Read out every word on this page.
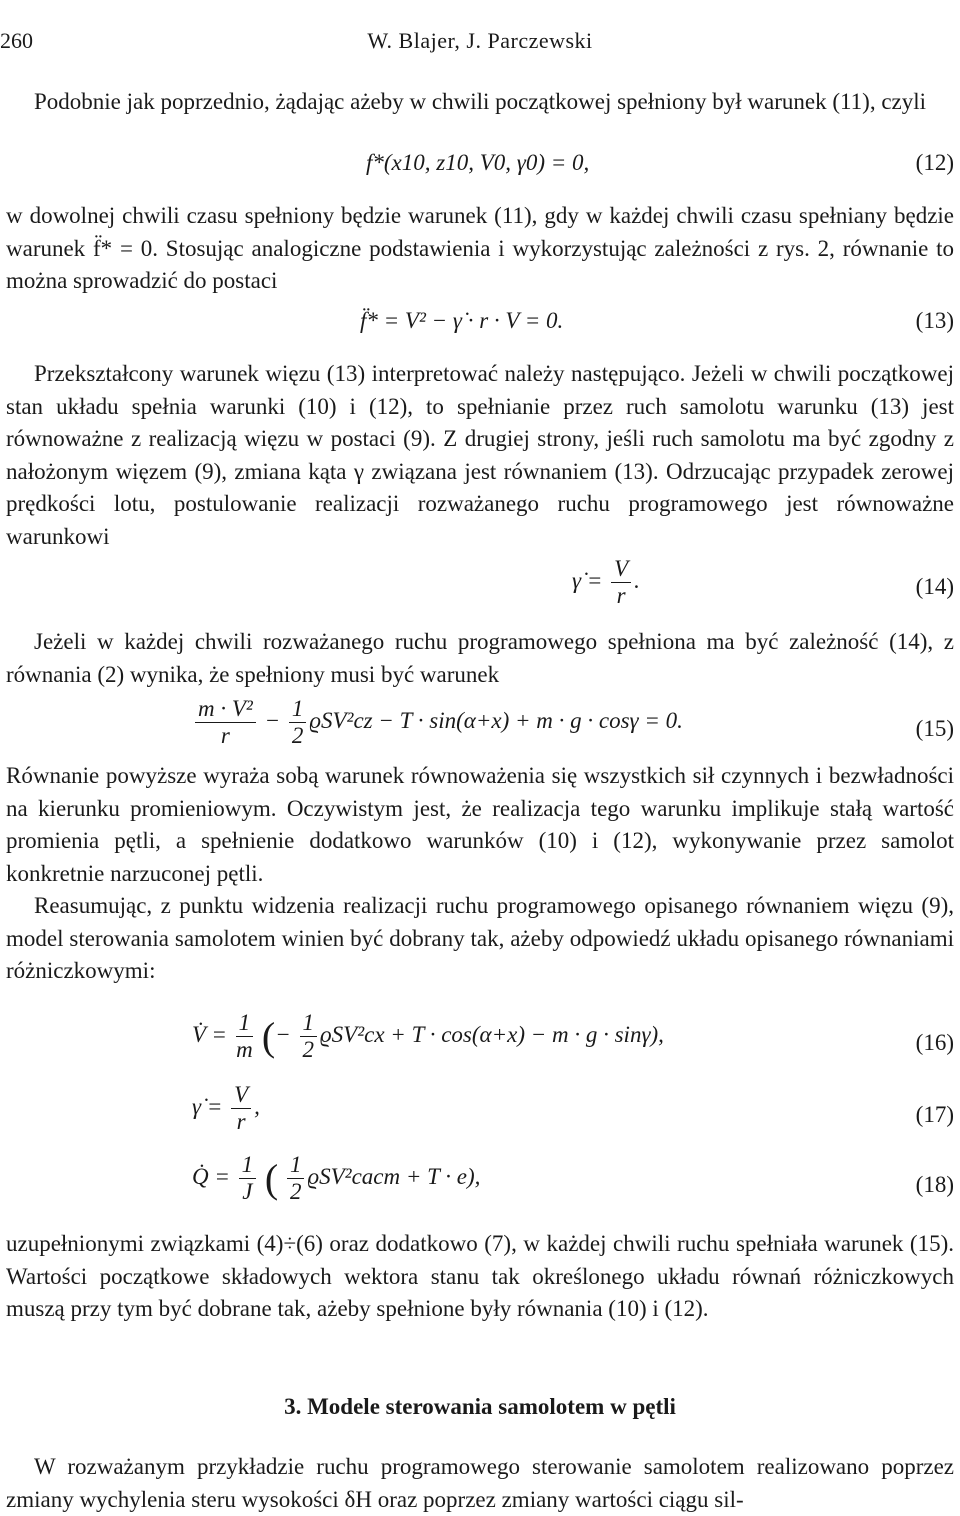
260	W. Blajer, J. Parczewski

Podobnie jak poprzednio, żądając ażeby w chwili początkowej spełniony był warunek (11), czyli

f*(x10, z10, V0, γ0) = 0,	(12)

w dowolnej chwili czasu spełniony będzie warunek (11), gdy w każdej chwili czasu spełniany będzie warunek f̈* = 0. Stosując analogiczne podstawienia i wykorzystując zależności z rys. 2, równanie to można sprowadzić do postaci

f̈* = V² − γ̇ · r · V = 0.	(13)

Przekształcony warunek więzu (13) interpretować należy następująco. Jeżeli w chwili początkowej stan układu spełnia warunki (10) i (12), to spełnianie przez ruch samolotu warunku (13) jest równoważne z realizacją więzu w postaci (9). Z drugiej strony, jeśli ruch samolotu ma być zgodny z nałożonym więzem (9), zmiana kąta γ związana jest równaniem (13). Odrzucając przypadek zerowej prędkości lotu, postulowanie realizacji rozważanego ruchu programowego jest równoważne warunkowi

γ̇ = $\frac{V}{r}$ .	(14)

Jeżeli w każdej chwili rozważanego ruchu programowego spełniona ma być zależność (14), z równania (2) wynika, że spełniony musi być warunek

$\frac{\text{m · V²}}{r} - \frac{1}{2} ϱSV^2cz - T \cdot \sin(\alpha+x) + m \cdot g \cdot \cos\gamma = 0$.	(15)

Równanie powyższe wyraża sobą warunek równoważenia się wszystkich sił czynnych i bezwładności na kierunku promieniowym. Oczywistym jest, że realizacja tego warunku implikuje stałą wartość promienia pętli, a spełnienie dodatkowo warunków (10) i (12), wykonywanie przez samolot konkretnie narzuconej pętli.

Reasumując, z punktu widzenia realizacji ruchu programowego opisanego równaniem więzu (9), model sterowania samolotem winien być dobrany tak, ażeby odpowiedź układu opisanego równaniami różniczkowymi:

V̇ = $\frac{1}{m}$ (− $\frac{1}{2} ϱSV^2cx + T \cdot \cos(\alpha+x) - m \cdot g \cdot \sin\gamma$),	(16)
γ̇ = $\frac{V}{r}$ ,	(17)
Q̇ = $\frac{1}{J}$ ( $\frac{1}{2}$ ϱSV²cacm + T · e),	(18)

uzupełnionymi związkami (4)÷(6) oraz dodatkowo (7), w każdej chwili ruchu spełniała warunek (15). Wartości początkowe składowych wektora stanu tak określonego układu równań różniczkowych muszą przy tym być dobrane tak, ażeby spełnione były równania (10) i (12).

3. Modele sterowania samolotem w pętli

W rozważanym przykładzie ruchu programowego sterowanie samolotem realizowano poprzez zmiany wychylenia steru wysokości δH oraz poprzez zmiany wartości ciągu sil-
